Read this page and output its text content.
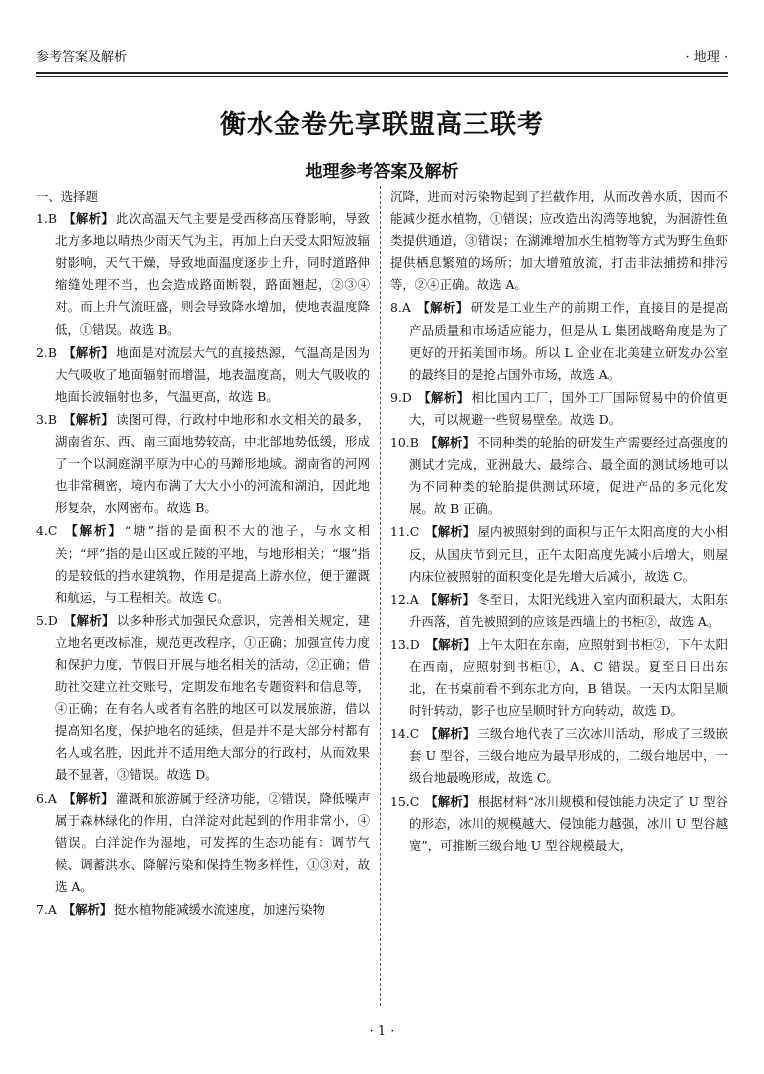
参考答案及解析	· 地理 ·
衡水金卷先享联盟高三联考
地理参考答案及解析

一、选择题

1.B 【解析】 此次高温天气主要是受西移高压脊影响，导致北方多地以晴热少雨天气为主，再加上白天受太阳短波辐射影响，天气干燥，导致地面温度逐步上升，同时道路伸缩缝处理不当，也会造成路面断裂，路面翘起，②③④对。而上升气流旺盛，则会导致降水增加，使地表温度降低，①错误。故选 B。

2.B 【解析】 地面是对流层大气的直接热源，气温高是因为大气吸收了地面辐射而增温，地表温度高，则大气吸收的地面长波辐射也多，气温更高，故选 B。

3.B 【解析】 读图可得，行政村中地形和水文相关的最多，湖南省东、西、南三面地势较高，中北部地势低缓，形成了一个以洞庭湖平原为中心的马蹄形地域。湖南省的河网也非常稠密，境内布满了大大小小的河流和湖泊，因此地形复杂，水网密布。故选 B。

4.C 【解析】 “塘”指的是面积不大的池子，与水文相关；“坪”指的是山区或丘陵的平地，与地形相关；“堰”指的是较低的挡水建筑物，作用是提高上游水位，便于灌溉和航运，与工程相关。故选 C。

5.D 【解析】 以多种形式加强民众意识，完善相关规定，建立地名更改标准，规范更改程序，①正确；加强宣传力度和保护力度，节假日开展与地名相关的活动，②正确；借助社交建立社交账号，定期发布地名专题资料和信息等，④正确；在有名人或者有名胜的地区可以发展旅游，借以提高知名度，保护地名的延续，但是并不是大部分村都有名人或名胜，因此并不适用绝大部分的行政村，从而效果最不显著，③错误。故选 D。

6.A 【解析】 灌溉和旅游属于经济功能，②错误，降低噪声属于森林绿化的作用，白洋淀对此起到的作用非常小，④错误。白洋淀作为湿地，可发挥的生态功能有：调节气候、调蓄洪水、降解污染和保持生物多样性，①③对，故选 A。

7.A 【解析】 挺水植物能减缓水流速度，加速污染物

沉降，进而对污染物起到了拦截作用，从而改善水质，因而不能减少挺水植物，①错误；应改造出沟湾等地貌，为洄游性鱼类提供通道，③错误；在湖滩增加水生植物等方式为野生鱼虾提供栖息繁殖的场所；加大增殖放流，打击非法捕捞和排污等，②④正确。故选 A。

8.A 【解析】 研发是工业生产的前期工作，直接目的是提高产品质量和市场适应能力，但是从 L 集团战略角度是为了更好的开拓美国市场。所以 L 企业在北美建立研发办公室的最终目的是抢占国外市场，故选 A。

9.D 【解析】 相比国内工厂，国外工厂国际贸易中的价值更大，可以规避一些贸易壁垒。故选 D。

10.B 【解析】 不同种类的轮胎的研发生产需要经过高强度的测试才完成，亚洲最大、最综合、最全面的测试场地可以为不同种类的轮胎提供测试环境，促进产品的多元化发展。故 B 正确。

11.C 【解析】 屋内被照射到的面积与正午太阳高度的大小相反，从国庆节到元旦，正午太阳高度先减小后增大，则屋内床位被照射的面积变化是先增大后减小，故选 C。

12.A 【解析】 冬至日，太阳光线进入室内面积最大，太阳东升西落，首先被照到的应该是西墙上的书柜②，故选 A。

13.D 【解析】 上午太阳在东南，应照射到书柜②，下午太阳在西南，应照射到书柜①，A、C 错误。夏至日日出东北，在书桌前看不到东北方向，B 错误。一天内太阳呈顺时针转动，影子也应呈顺时针方向转动，故选 D。

14.C 【解析】 三级台地代表了三次冰川活动，形成了三级嵌套 U 型谷，三级台地应为最早形成的，二级台地居中，一级台地最晚形成，故选 C。

15.C 【解析】 根据材料“冰川规模和侵蚀能力决定了 U 型谷的形态，冰川的规模越大、侵蚀能力越强，冰川 U 型谷越宽”，可推断三级台地 U 型谷规模最大，

· 1 ·
